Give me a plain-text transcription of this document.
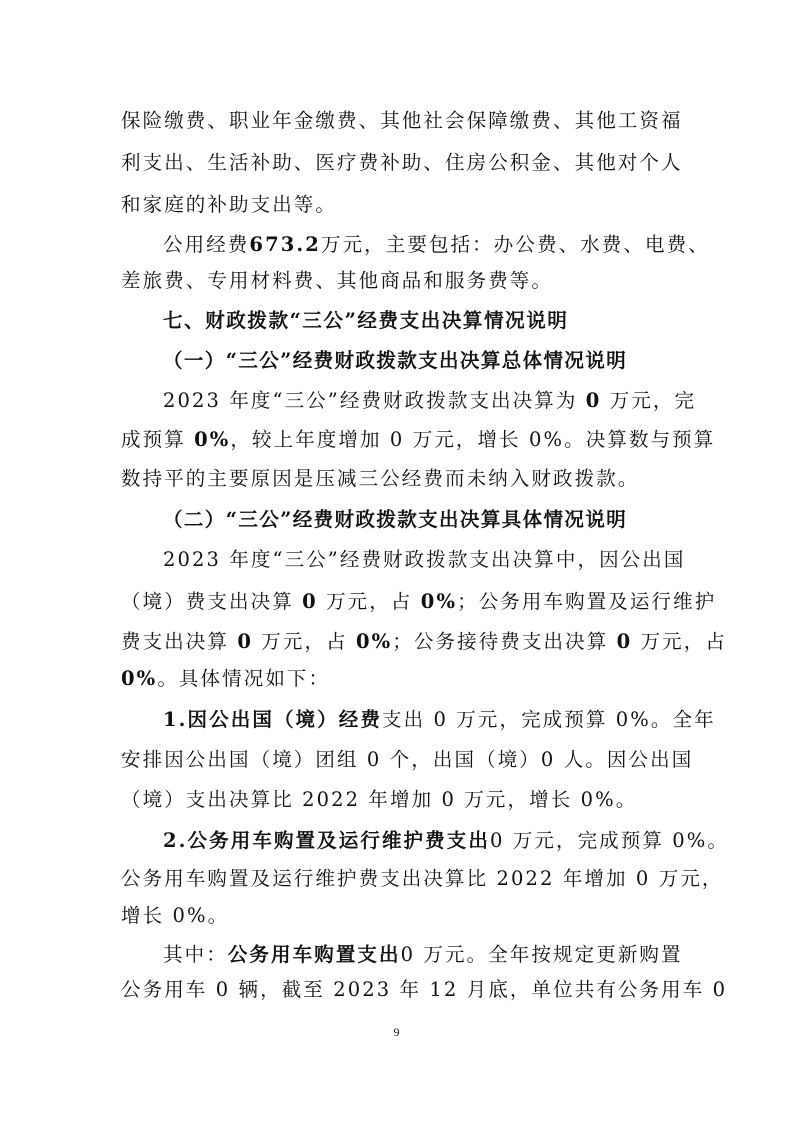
保险缴费、职业年金缴费、其他社会保障缴费、其他工资福
利支出、生活补助、医疗费补助、住房公积金、其他对个人
和家庭的补助支出等。
公用经费673.2万元，主要包括：办公费、水费、电费、
差旅费、专用材料费、其他商品和服务费等。
七、财政拨款“三公”经费支出决算情况说明
（一）“三公”经费财政拨款支出决算总体情况说明
2023 年度“三公”经费财政拨款支出决算为 0 万元，完
成预算 0%，较上年度增加 0 万元，增长 0%。决算数与预算
数持平的主要原因是压减三公经费而未纳入财政拨款。
（二）“三公”经费财政拨款支出决算具体情况说明
2023 年度“三公”经费财政拨款支出决算中，因公出国
（境）费支出决算 0 万元，占 0%；公务用车购置及运行维护
费支出决算 0 万元，占 0%；公务接待费支出决算 0 万元，占
0%。具体情况如下：
1.因公出国（境）经费支出 0 万元，完成预算 0%。全年
安排因公出国（境）团组 0 个，出国（境）0 人。因公出国
（境）支出决算比 2022 年增加 0 万元，增长 0%。
2.公务用车购置及运行维护费支出0 万元，完成预算 0%。
公务用车购置及运行维护费支出决算比 2022 年增加 0 万元，
增长 0%。
其中：公务用车购置支出0 万元。全年按规定更新购置
公务用车 0 辆，截至 2023 年 12 月底，单位共有公务用车 0
9
